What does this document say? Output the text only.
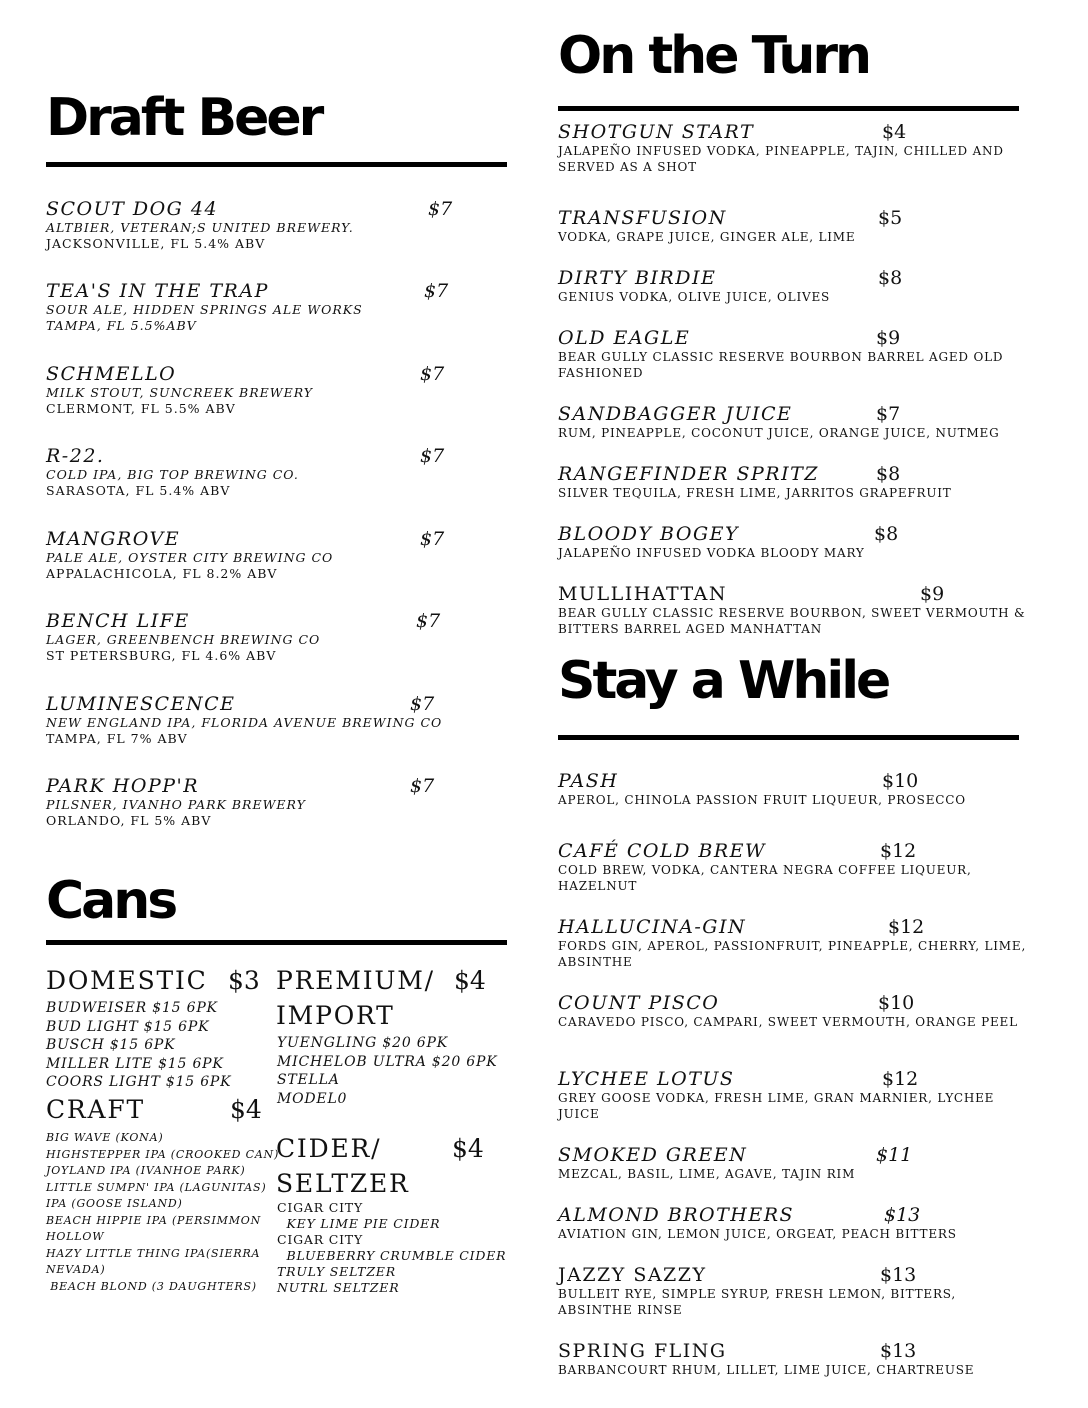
Draft Beer
SCOUT DOG 44	$7
ALTBIER, VETERAN;S UNITED BREWERY.
JACKSONVILLE, FL 5.4% ABV
TEA'S IN THE TRAP	$7
SOUR ALE, HIDDEN SPRINGS ALE WORKS
TAMPA, FL 5.5%ABV
SCHMELLO	$7
MILK STOUT, SUNCREEK BREWERY
CLERMONT, FL 5.5% ABV
R-22.	$7
COLD IPA, BIG TOP BREWING CO.
SARASOTA, FL 5.4% ABV
MANGROVE	$7
PALE ALE, OYSTER CITY BREWING CO
APPALACHICOLA, FL 8.2% ABV
BENCH LIFE	$7
LAGER, GREENBENCH BREWING CO
ST PETERSBURG, FL 4.6% ABV
LUMINESCENCE	$7
NEW ENGLAND IPA, FLORIDA AVENUE BREWING CO
TAMPA, FL 7% ABV
PARK HOPP'R	$7
PILSNER, IVANHO PARK BREWERY
ORLANDO, FL 5% ABV
Cans
DOMESTIC $3
BUDWEISER $15 6PK
BUD LIGHT $15 6PK
BUSCH $15 6PK
MILLER LITE $15 6PK
COORS LIGHT $15 6PK
CRAFT	$4
BIG WAVE (KONA)
HIGHSTEPPER IPA (CROOKED CAN)
JOYLAND IPA (IVANHOE PARK)
LITTLE SUMPN' IPA (LAGUNITAS)
IPA (GOOSE ISLAND)
BEACH HIPPIE IPA (PERSIMMON
HOLLOW
HAZY LITTLE THING IPA(SIERRA
NEVADA)
BEACH BLOND (3 DAUGHTERS)
PREMIUM/ $4
IMPORT
YUENGLING $20 6PK
MICHELOB ULTRA $20 6PK
STELLA
MODEL0
CIDER/	$4
SELTZER
CIGAR CITY
KEY LIME PIE CIDER
CIGAR CITY
BLUEBERRY CRUMBLE CIDER
TRULY SELTZER
NUTRL SELTZER
On the Turn
SHOTGUN START	$4
JALAPEÑO INFUSED VODKA, PINEAPPLE, TAJIN, CHILLED AND SERVED AS A SHOT
TRANSFUSION	$5
VODKA, GRAPE JUICE, GINGER ALE, LIME
DIRTY BIRDIE	$8
GENIUS VODKA, OLIVE JUICE, OLIVES
OLD EAGLE	$9
BEAR GULLY CLASSIC RESERVE BOURBON BARREL AGED OLD FASHIONED
SANDBAGGER JUICE	$7
RUM, PINEAPPLE, COCONUT JUICE, ORANGE JUICE, NUTMEG
RANGEFINDER SPRITZ	$8
SILVER TEQUILA, FRESH LIME, JARRITOS GRAPEFRUIT
BLOODY BOGEY	$8
JALAPEÑO INFUSED VODKA BLOODY MARY
MULLIHATTAN	$9
BEAR GULLY CLASSIC RESERVE BOURBON, SWEET VERMOUTH & BITTERS BARREL AGED MANHATTAN
Stay a While
PASH	$10
APEROL, CHINOLA PASSION FRUIT LIQUEUR, PROSECCO
CAFÉ COLD BREW	$12
COLD BREW, VODKA, CANTERA NEGRA COFFEE LIQUEUR, HAZELNUT
HALLUCINA-GIN	$12
FORDS GIN, APEROL, PASSIONFRUIT, PINEAPPLE, CHERRY, LIME, ABSINTHE
COUNT PISCO	$10
CARAVEDO PISCO, CAMPARI, SWEET VERMOUTH, ORANGE PEEL
LYCHEE LOTUS	$12
GREY GOOSE VODKA, FRESH LIME, GRAN MARNIER, LYCHEE JUICE
SMOKED GREEN	$11
MEZCAL, BASIL, LIME, AGAVE, TAJIN RIM
ALMOND BROTHERS	$13
AVIATION GIN, LEMON JUICE, ORGEAT, PEACH BITTERS
JAZZY SAZZY	$13
BULLEIT RYE, SIMPLE SYRUP, FRESH LEMON, BITTERS, ABSINTHE RINSE
SPRING FLING	$13
BARBANCOURT RHUM, LILLET, LIME JUICE, CHARTREUSE
